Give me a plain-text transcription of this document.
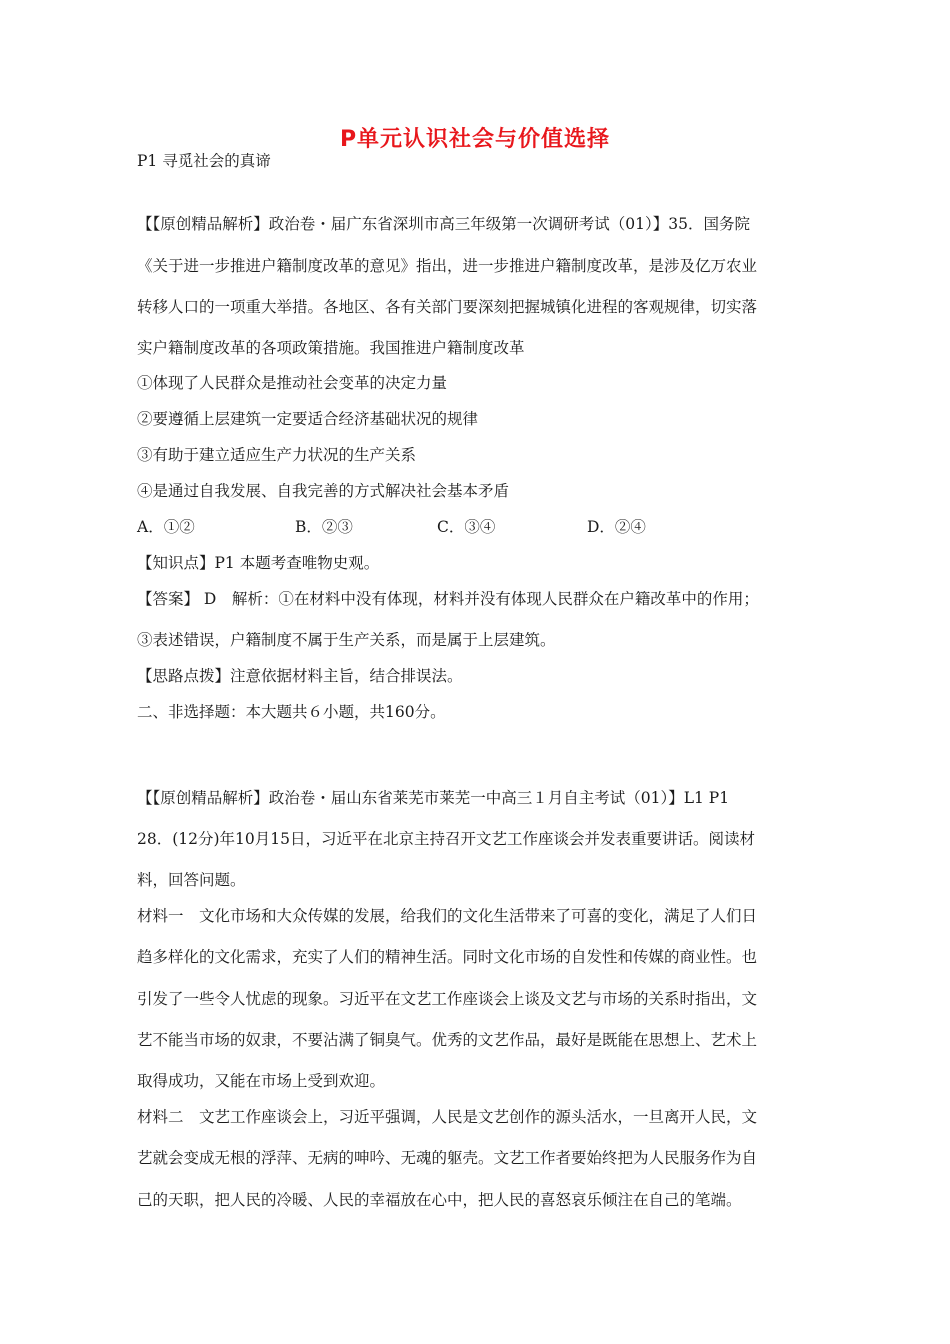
P单元认识社会与价值选择
P1 寻觅社会的真谛
【【原创精品解析】政治卷・届广东省深圳市高三年级第一次调研考试（01）】35．国务院
《关于进一步推进户籍制度改革的意见》指出，进一步推进户籍制度改革，是涉及亿万农业
转移人口的一项重大举措。各地区、各有关部门要深刻把握城镇化进程的客观规律，切实落
实户籍制度改革的各项政策措施。我国推进户籍制度改革
①体现了人民群众是推动社会变革的决定力量
②要遵循上层建筑一定要适合经济基础状况的规律
③有助于建立适应生产力状况的生产关系
④是通过自我发展、自我完善的方式解决社会基本矛盾
A．①②	B．②③	C．③④	D．②④
【知识点】P1 本题考查唯物史观。
【答案】 D　解析：①在材料中没有体现，材料并没有体现人民群众在户籍改革中的作用；
③表述错误，户籍制度不属于生产关系，而是属于上层建筑。
【思路点拨】注意依据材料主旨，结合排误法。
二、非选择题：本大题共６小题，共160分。
【【原创精品解析】政治卷・届山东省莱芜市莱芜一中高三１月自主考试（01）】L1 P1
28．(12分)年10月15日，习近平在北京主持召开文艺工作座谈会并发表重要讲话。阅读材
料，回答问题。
材料一　文化市场和大众传媒的发展，给我们的文化生活带来了可喜的变化，满足了人们日
趋多样化的文化需求，充实了人们的精神生活。同时文化市场的自发性和传媒的商业性。也
引发了一些令人忧虑的现象。习近平在文艺工作座谈会上谈及文艺与市场的关系时指出，文
艺不能当市场的奴隶，不要沾满了铜臭气。优秀的文艺作品，最好是既能在思想上、艺术上
取得成功，又能在市场上受到欢迎。
材料二　文艺工作座谈会上，习近平强调，人民是文艺创作的源头活水，一旦离开人民，文
艺就会变成无根的浮萍、无病的呻吟、无魂的躯壳。文艺工作者要始终把为人民服务作为自
己的天职，把人民的冷暖、人民的幸福放在心中，把人民的喜怒哀乐倾注在自己的笔端。
